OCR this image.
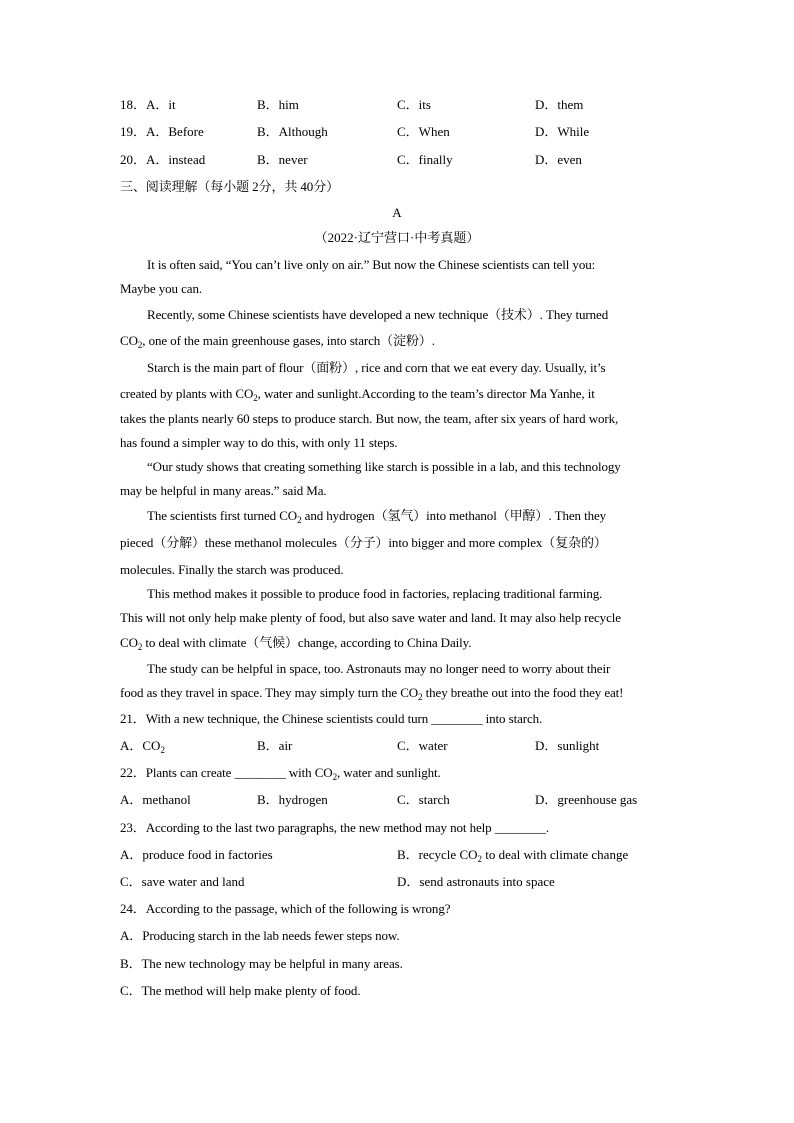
18．A．it	B．him	C．its	D．them
19．A．Before	B．Although	C．When	D．While
20．A．instead	B．never	C．finally	D．even
三、阅读理解（每小题 2分，共 40分）
A
（2022·辽宁营口·中考真题）
It is often said, “You can’t live only on air.” But now the Chinese scientists can tell you:
Maybe you can.
Recently, some Chinese scientists have developed a new technique（技术）. They turned
$CO_2$, one of the main greenhouse gases, into starch（淀粉）.
Starch is the main part of flour（面粉）, rice and corn that we eat every day. Usually, it’s
created by plants with $CO_2$, water and sunlight.According to the team’s director Ma Yanhe, it
takes the plants nearly 60 steps to produce starch. But now, the team, after six years of hard work,
has found a simpler way to do this, with only 11 steps.
“Our study shows that creating something like starch is possible in a lab, and this technology
may be helpful in many areas.” said Ma.
The scientists first turned $CO_2$ and hydrogen（氢气）into methanol（甲醇）. Then they
pieced（分解）these methanol molecules（分子）into bigger and more complex（复杂的）
molecules. Finally the starch was produced.
This method makes it possible to produce food in factories, replacing traditional farming.
This will not only help make plenty of food, but also save water and land. It may also help recycle
$CO_2$ to deal with climate（气候）change, according to China Daily.
The study can be helpful in space, too. Astronauts may no longer need to worry about their
food as they travel in space. They may simply turn the $CO_2$ they breathe out into the food they eat!
21．With a new technique, the Chinese scientists could turn ________ into starch.
A．$CO_2$	B．air	C．water	D．sunlight
22．Plants can create ________ with $CO_2$, water and sunlight.
A．methanol	B．hydrogen	C．starch	D．greenhouse gas
23．According to the last two paragraphs, the new method may not help ________.
A．produce food in factories	B．recycle $CO_2$ to deal with climate change
C．save water and land	D．send astronauts into space
24．According to the passage, which of the following is wrong?
A．Producing starch in the lab needs fewer steps now.
B．The new technology may be helpful in many areas.
C．The method will help make plenty of food.
